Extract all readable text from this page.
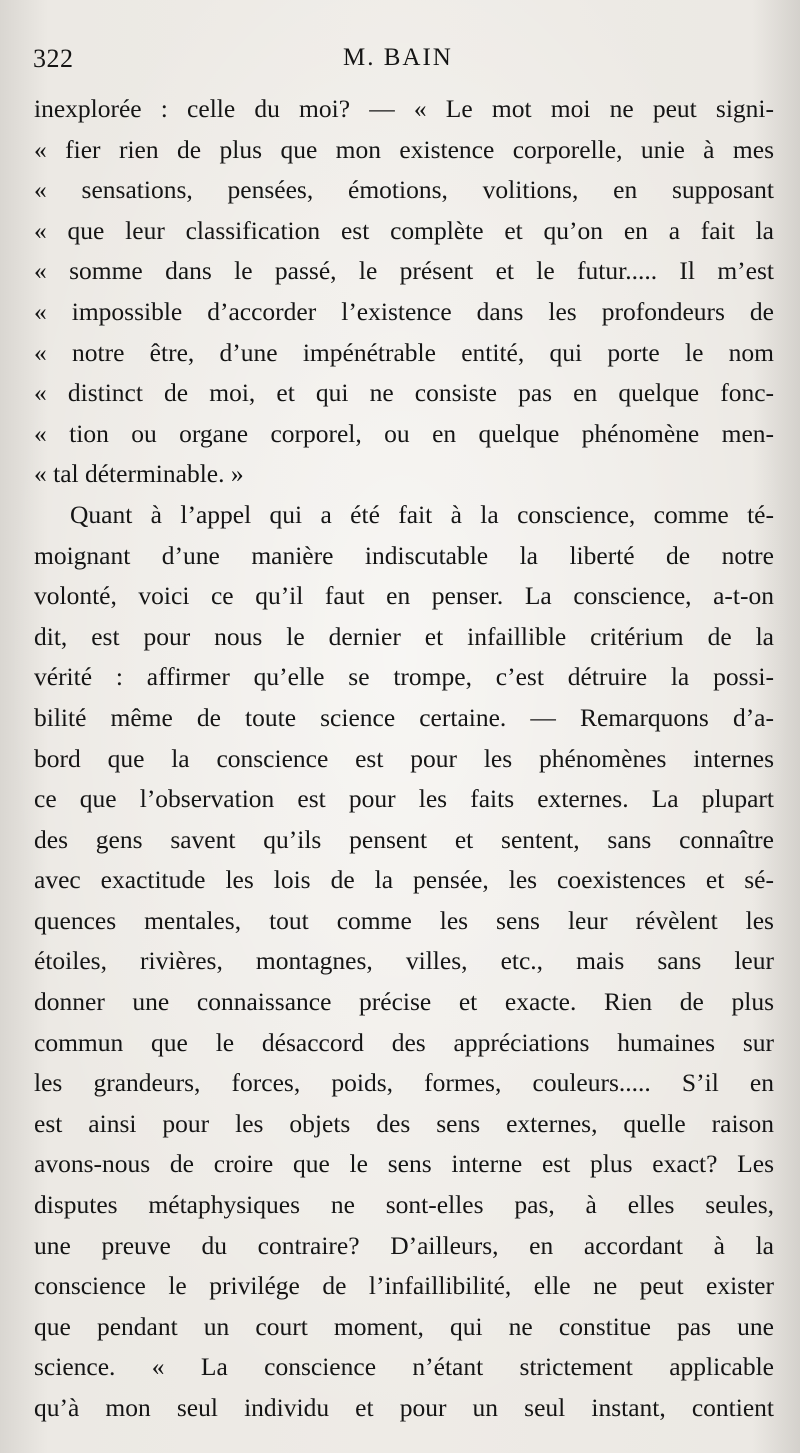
322	M. BAIN
inexplorée : celle du moi? — « Le mot moi ne peut signi-
« fier rien de plus que mon existence corporelle, unie à mes
« sensations, pensées, émotions, volitions, en supposant
« que leur classification est complète et qu’on en a fait la
« somme dans le passé, le présent et le futur..... Il m’est
« impossible d’accorder l’existence dans les profondeurs de
« notre être, d’une impénétrable entité, qui porte le nom
« distinct de moi, et qui ne consiste pas en quelque fonc-
« tion ou organe corporel, ou en quelque phénomène men-
« tal déterminable. »
Quant à l’appel qui a été fait à la conscience, comme té-
moignant d’une manière indiscutable la liberté de notre
volonté, voici ce qu’il faut en penser. La conscience, a-t-on
dit, est pour nous le dernier et infaillible critérium de la
vérité : affirmer qu’elle se trompe, c’est détruire la possi-
bilité même de toute science certaine. — Remarquons d’a-
bord que la conscience est pour les phénomènes internes
ce que l’observation est pour les faits externes. La plupart
des gens savent qu’ils pensent et sentent, sans connaître
avec exactitude les lois de la pensée, les coexistences et sé-
quences mentales, tout comme les sens leur révèlent les
étoiles, rivières, montagnes, villes, etc., mais sans leur
donner une connaissance précise et exacte. Rien de plus
commun que le désaccord des appréciations humaines sur
les grandeurs, forces, poids, formes, couleurs..... S’il en
est ainsi pour les objets des sens externes, quelle raison
avons-nous de croire que le sens interne est plus exact? Les
disputes métaphysiques ne sont-elles pas, à elles seules,
une preuve du contraire? D’ailleurs, en accordant à la
conscience le privilége de l’infaillibilité, elle ne peut exister
que pendant un court moment, qui ne constitue pas une
science. « La conscience n’étant strictement applicable
qu’à mon seul individu et pour un seul instant, contient
